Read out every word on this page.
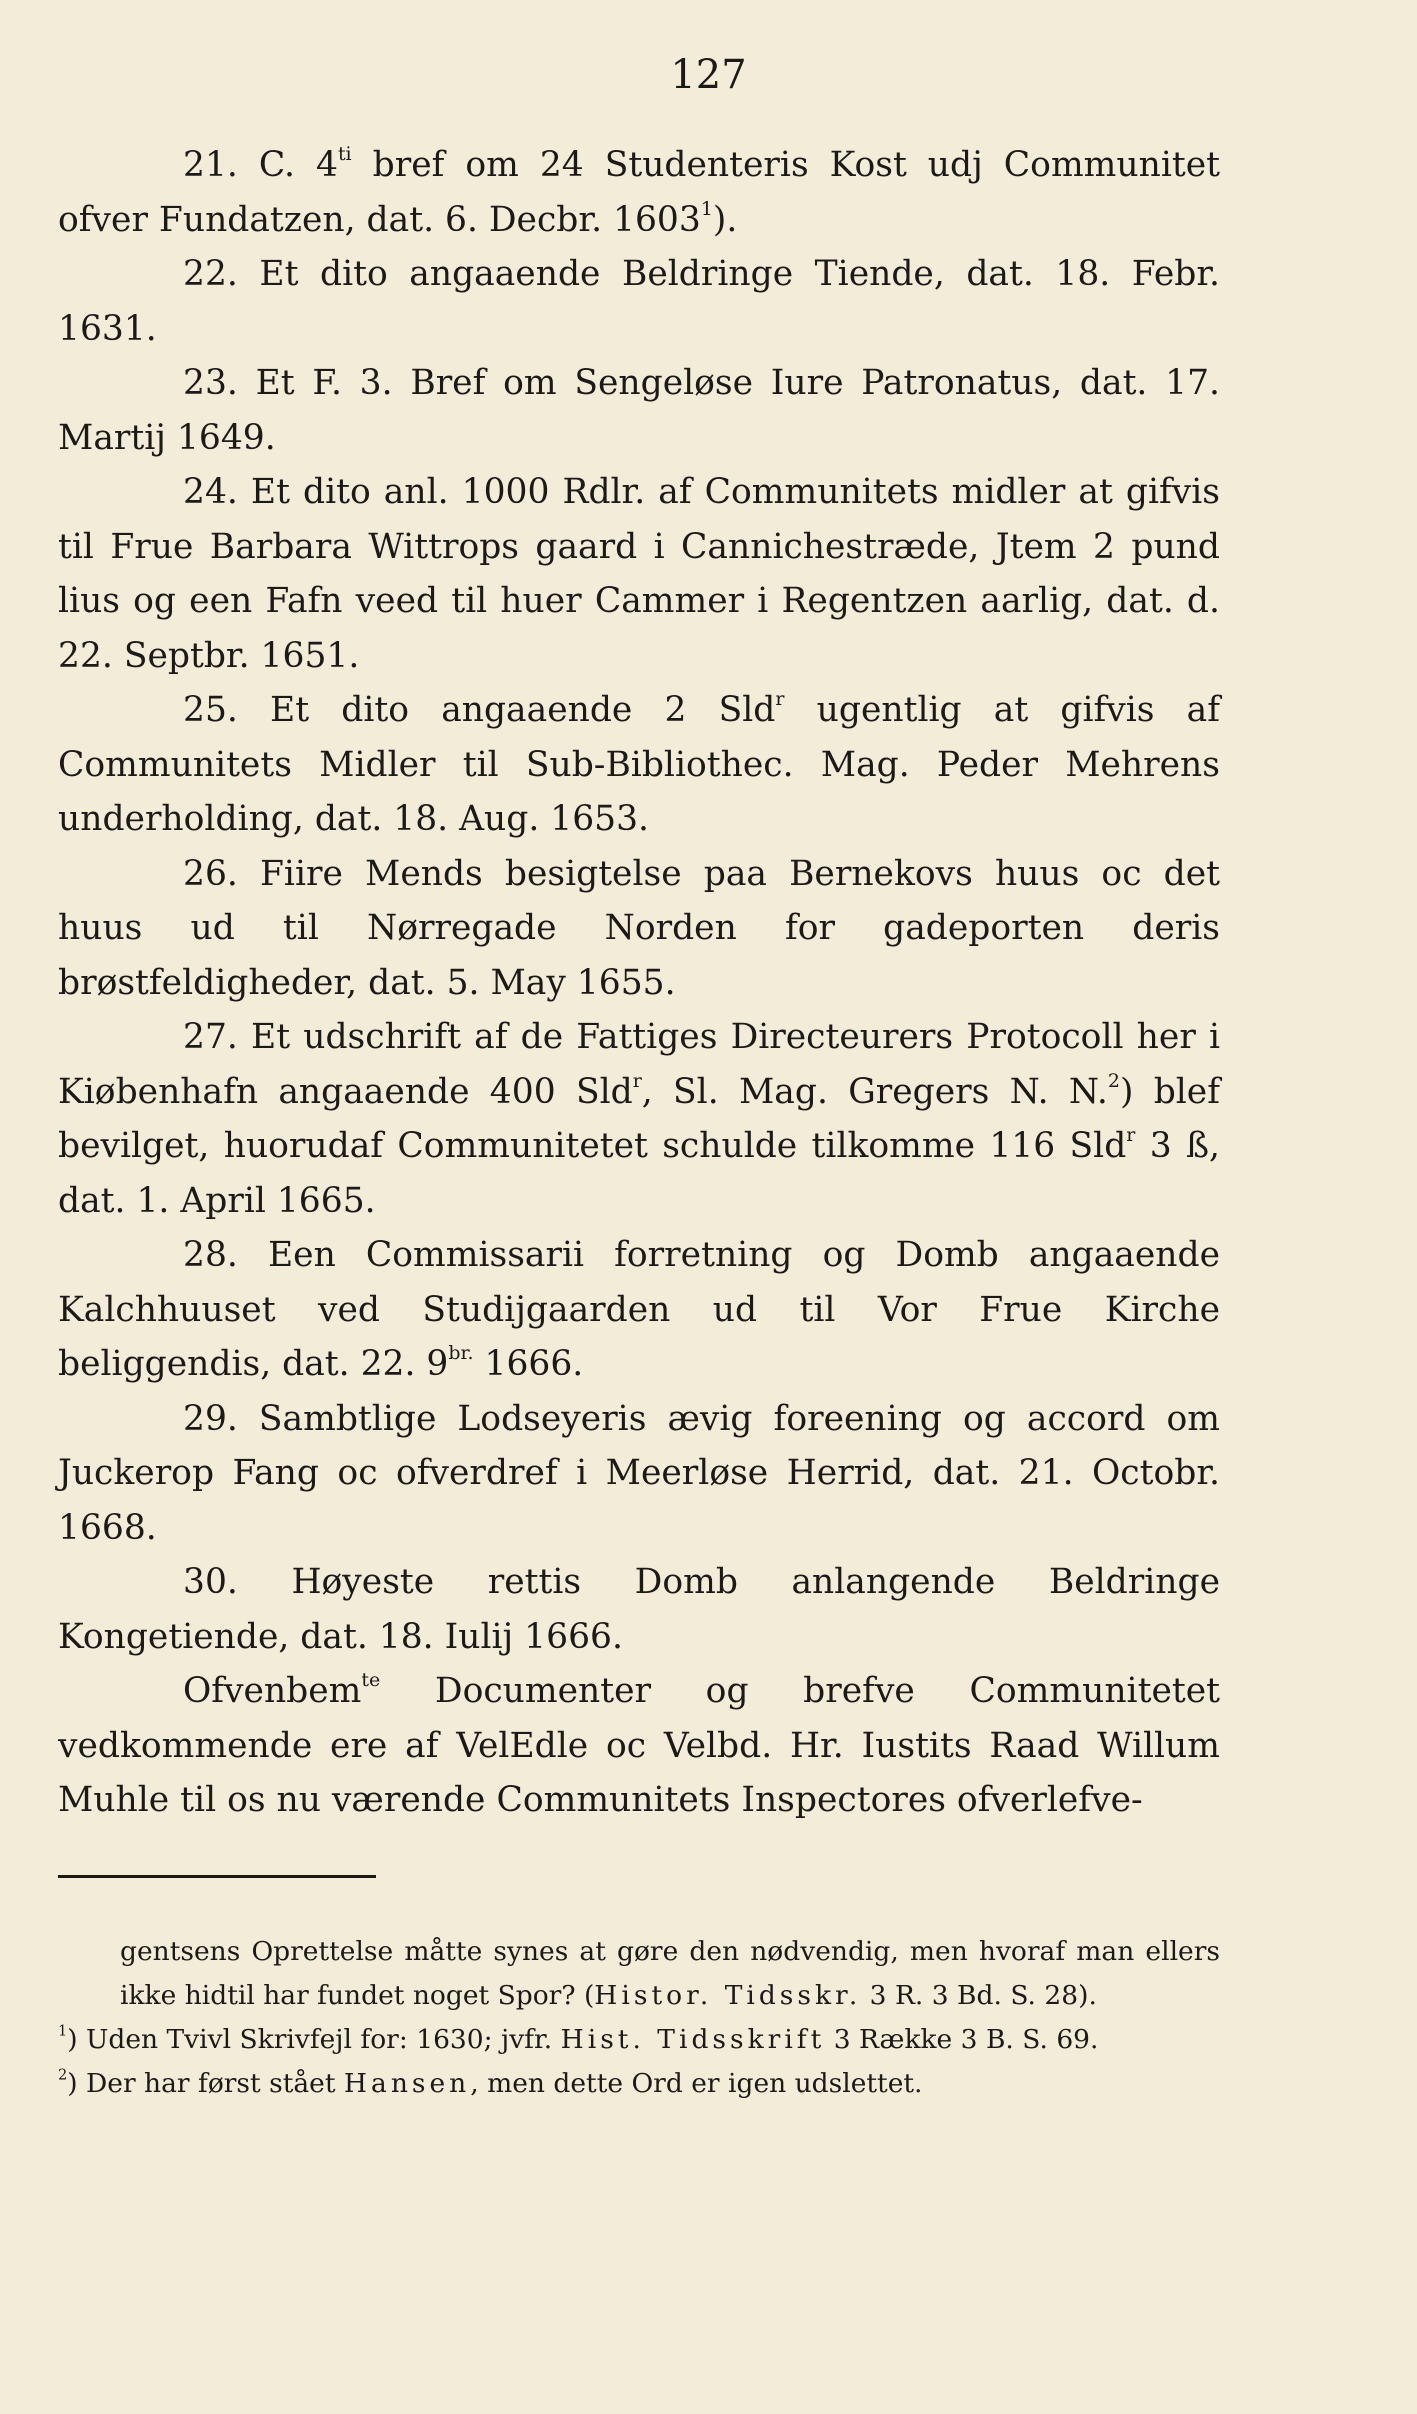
127

21. C. $4^{ti}$ bref om 24 Studenteris Kost udj Communitet ofver Fundatzen, dat. 6. Decbr. 1603$^1$).

22. Et dito angaaende Beldringe Tiende, dat. 18. Febr. 1631.

23. Et F. 3. Bref om Sengeløse Iure Patronatus, dat. 17. Martij 1649.

24. Et dito anl. 1000 Rdlr. af Communitets midler at gifvis til Frue Barbara Wittrops gaard i Cannichestræde, Jtem 2 pund lius og een Fafn veed til huer Cammer i Regentzen aarlig, dat. d. 22. Septbr. 1651.

25. Et dito angaaende 2 Sld$^r$ ugentlig at gifvis af Communitets Midler til Sub-Bibliothec. Mag. Peder Mehrens underholding, dat. 18. Aug. 1653.

26. Fiire Mends besigtelse paa Bernekovs huus oc det huus ud til Nørregade Norden for gadeporten deris brøstfeldigheder, dat. 5. May 1655.

27. Et udschrift af de Fattiges Directeurers Protocoll her i Kiøbenhafn angaaende 400 Sld$^r$, Sl. Mag. Gregers N. N.$^2$) blef bevilget, huorudaf Communitetet schulde tilkomme 116 Sld$^r$ 3 ß, dat. 1. April 1665.

28. Een Commissarii forretning og Domb angaaende Kalchhuuset ved Studijgaarden ud til Vor Frue Kirche beliggendis, dat. 22. $9^{br.}$ 1666.

29. Sambtlige Lodseyeris ævig foreening og accord om Juckerop Fang oc ofverdref i Meerløse Herrid, dat. 21. Octobr. 1668.

30. Høyeste rettis Domb anlangende Beldringe Kongetiende, dat. 18. Iulij 1666.

Ofvenbem$^{te}$ Documenter og brefve Communitetet vedkommende ere af VelEdle oc Velbd. Hr. Iustits Raad Willum Muhle til os nu værende Communitets Inspectores ofverlefve-

gentsens Oprettelse måtte synes at gøre den nødvendig, men hvoraf man ellers ikke hidtil har fundet noget Spor? (Histor. Tidsskr. 3 R. 3 Bd. S. 28).

$^1$) Uden Tvivl Skrivfejl for: 1630; jvfr. Hist. Tidsskrift 3 Række 3 B. S. 69.

$^2$) Der har først stået Hansen, men dette Ord er igen udslettet.
